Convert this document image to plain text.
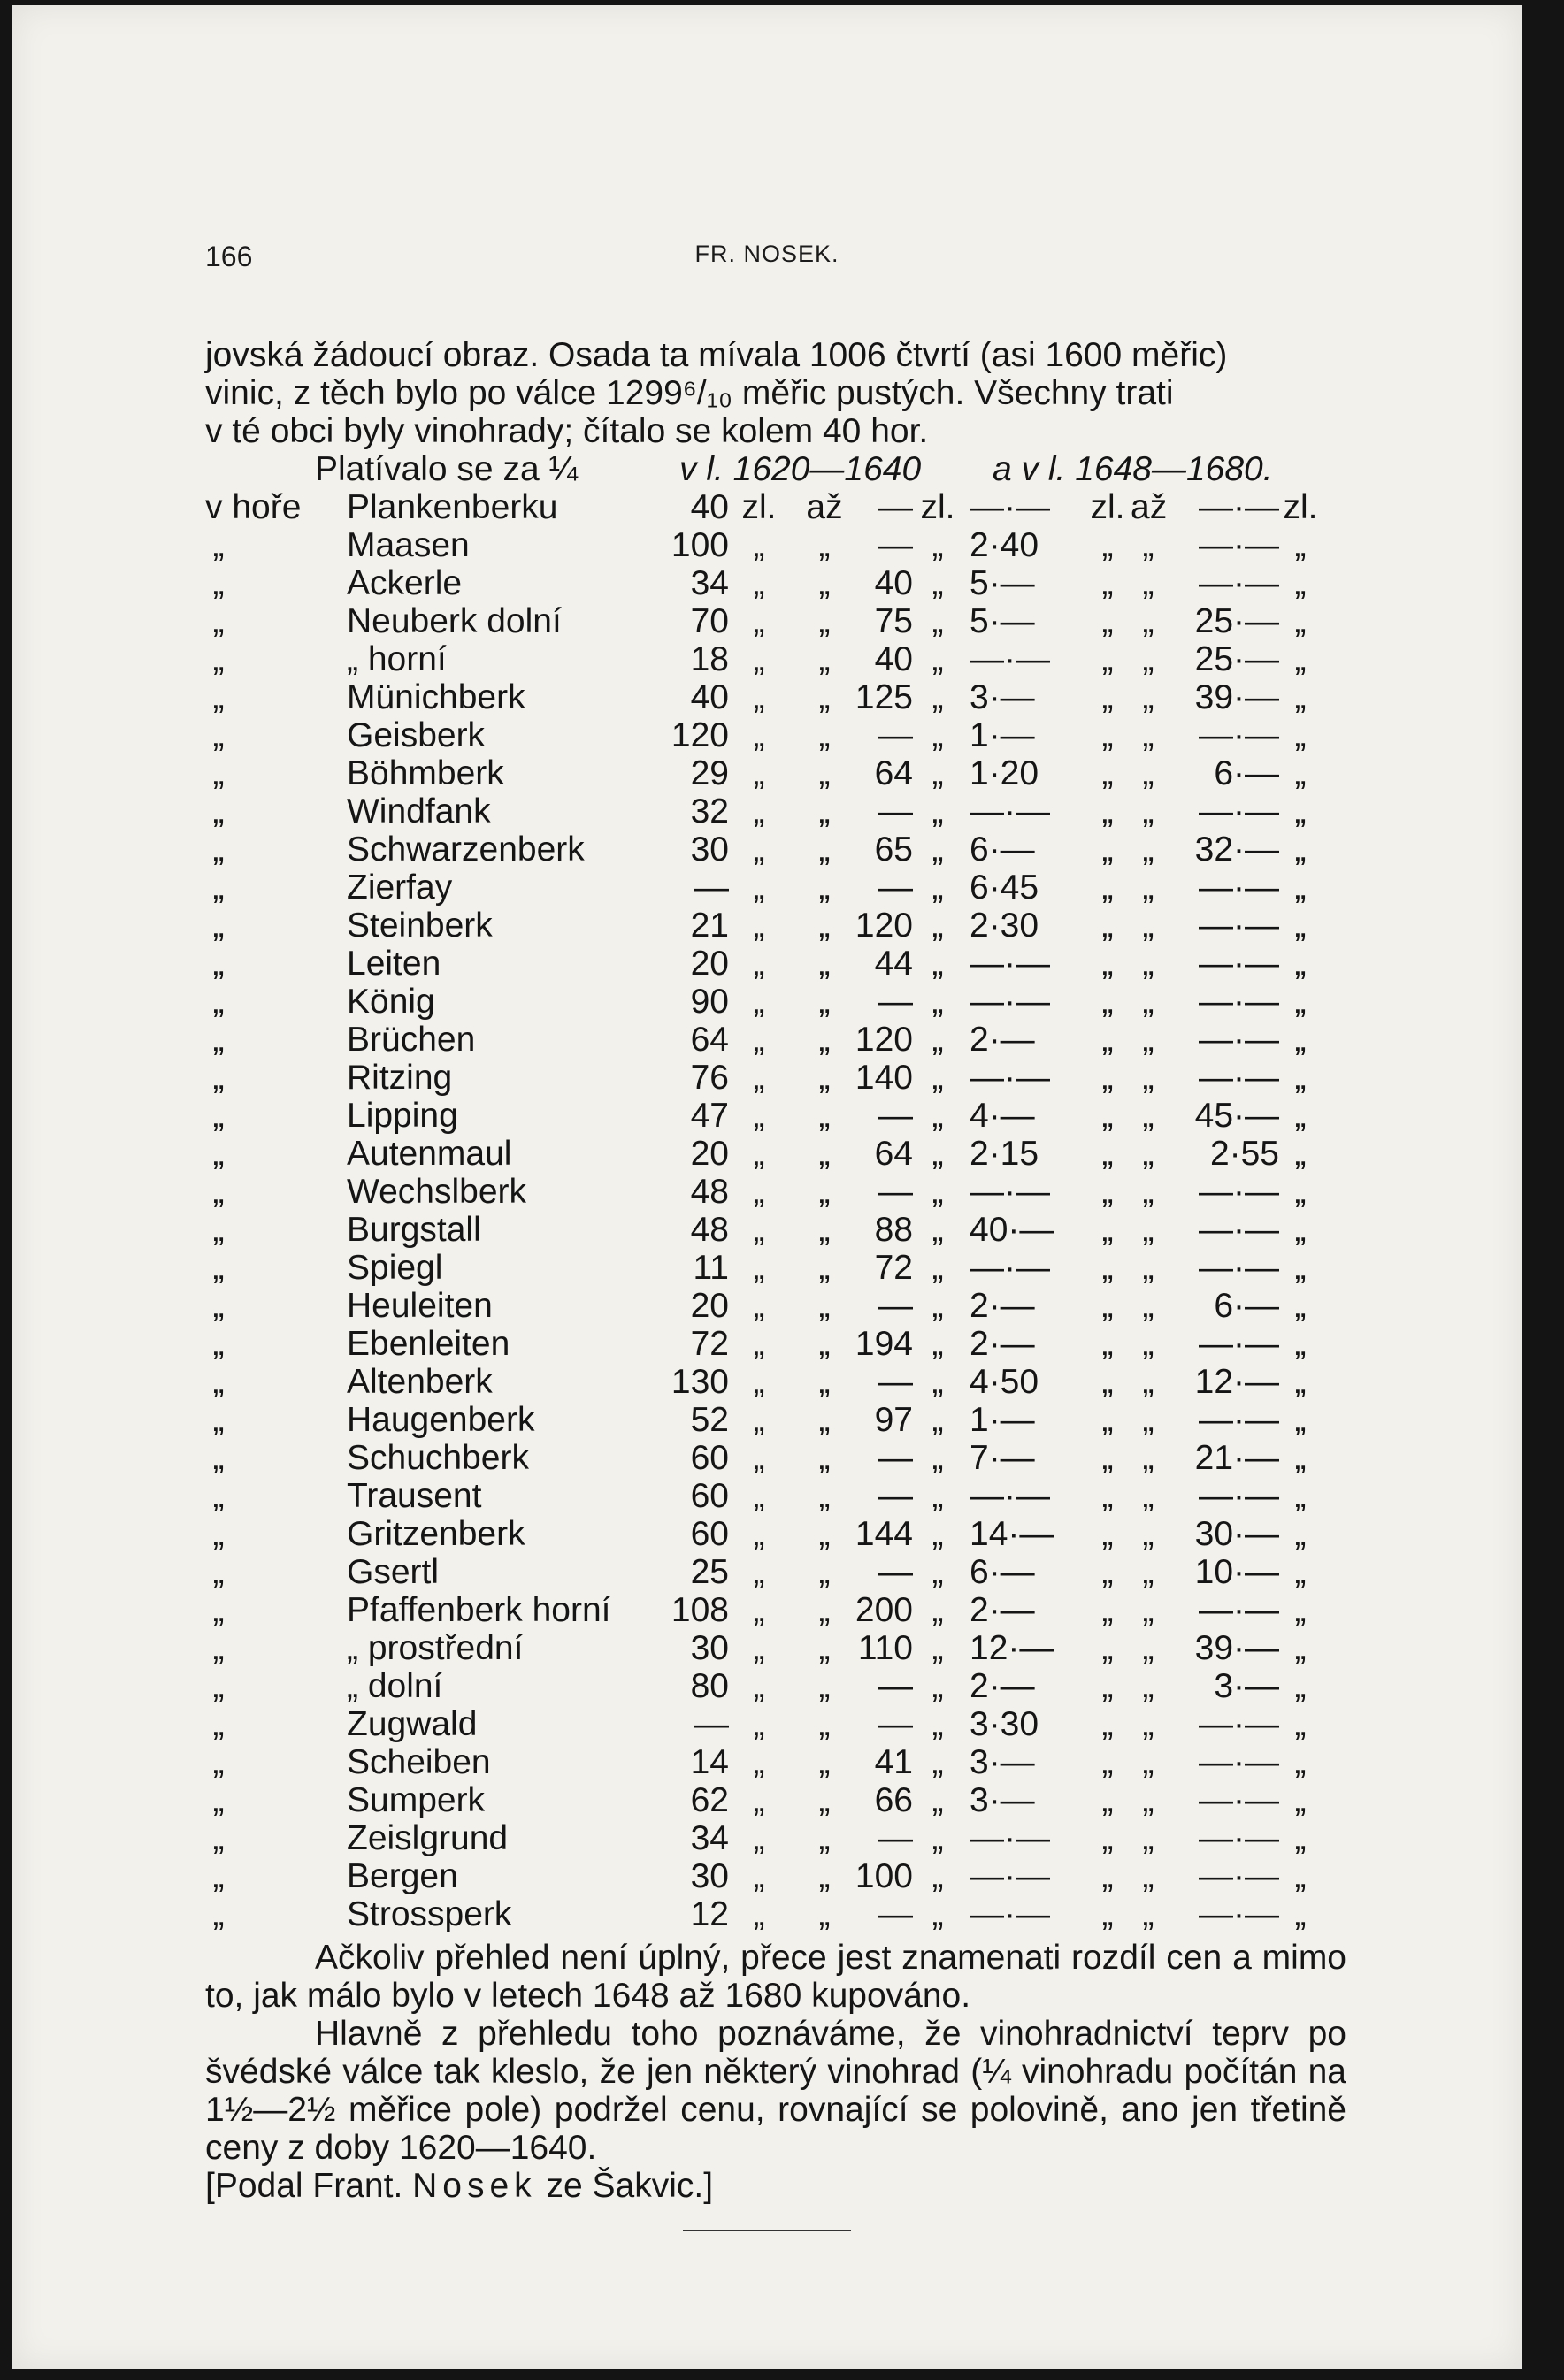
166	FR. NOSEK.
jovská žádoucí obraz. Osada ta mívala 1006 čtvrtí (asi 1600 měřic)
vinic, z těch bylo po válce 1299⁶/₁₀ měřic pustých. Všechny trati
v té obci byly vinohrady; čítalo se kolem 40 hor.
Platívalo se za ¼	v l. 1620—1640 a v l. 1648—1680.
v hoře Plankenberku	40 zl. až	— zl. —·—	zl. až —·— zl.
„	Maasen	100 „	„	— „ 2·40	„ „	—·— „
„	Ackerle	34 „	„	40 „ 5·—	„ „	—·— „
„	Neuberk dolní	70 „	„	75 „ 5·—	„ „	25·— „
„	„ horní	18 „	„	40 „ —·—	„ „	25·— „
„	Münichberk	40 „	„ 125 „ 3·—	„ „	39·— „
„	Geisberk	120 „	„	— „ 1·—	„ „	—·— „
„	Böhmberk	29 „	„	64 „ 1·20	„ „	6·— „
„	Windfank	32 „	„	— „ —·—	„ „	—·— „
„	Schwarzenberk	30 „	„	65 „ 6·—	„ „	32·— „
„	Zierfay	— „	„	— „ 6·45	„ „	—·— „
„	Steinberk	21 „	„ 120 „ 2·30	„ „	—·— „
„	Leiten	20 „	„	44 „ —·—	„ „	—·— „
„	König	90 „	„	— „ —·—	„ „	—·— „
„	Brüchen	64 „	„ 120 „ 2·—	„ „	—·— „
„	Ritzing	76 „	„ 140 „ —·—	„ „	—·— „
„	Lipping	47 „	„	— „ 4·—	„ „	45·— „
„	Autenmaul	20 „	„	64 „ 2·15	„ „	2·55 „
„	Wechslberk	48 „	„	— „ —·—	„ „	—·— „
„	Burgstall	48 „	„	88 „ 40·—	„ „	—·— „
„	Spiegl	11 „	„	72 „ —·—	„ „	—·— „
„	Heuleiten	20 „	„	— „ 2·—	„ „	6·— „
„	Ebenleiten	72 „	„ 194 „ 2·—	„ „	—·— „
„	Altenberk	130 „	„	— „ 4·50	„ „	12·— „
„	Haugenberk	52 „	„	97 „ 1·—	„ „	—·— „
„	Schuchberk	60 „	„	— „ 7·—	„ „	21·— „
„	Trausent	60 „	„	— „ —·—	„ „	—·— „
„	Gritzenberk	60 „	„ 144 „ 14·—	„ „	30·— „
„	Gsertl	25 „	„	— „ 6·—	„ „	10·— „
„	Pfaffenberk horní	108 „	„ 200 „ 2·—	„ „	—·— „
„	„ prostřední	30 „	„ 110 „ 12·—	„ „	39·— „
„	„ dolní	80 „	„	— „ 2·—	„ „	3·— „
„	Zugwald	— „	„	— „ 3·30	„ „	—·— „
„	Scheiben	14 „	„	41 „ 3·—	„ „	—·— „
„	Sumperk	62 „	„	66 „ 3·—	„ „	—·— „
„	Zeislgrund	34 „	„	— „ —·—	„ „	—·— „
„	Bergen	30 „	„ 100 „ —·—	„ „	—·— „
„	Strossperk	12 „	„	— „ —·—	„ „	—·— „

Ačkoliv přehled není úplný, přece jest znamenati rozdíl cen a mimo to, jak málo bylo v letech 1648 až 1680 kupováno.

Hlavně z přehledu toho poznáváme, že vinohradnictví teprv po švédské válce tak kleslo, že jen některý vinohrad (¼ vinohradu počítán na 1½—2½ měřice pole) podržel cenu, rovnající se polovině, ano jen třetině ceny z doby 1620—1640.

[Podal Frant. Nosek ze Šakvic.]
